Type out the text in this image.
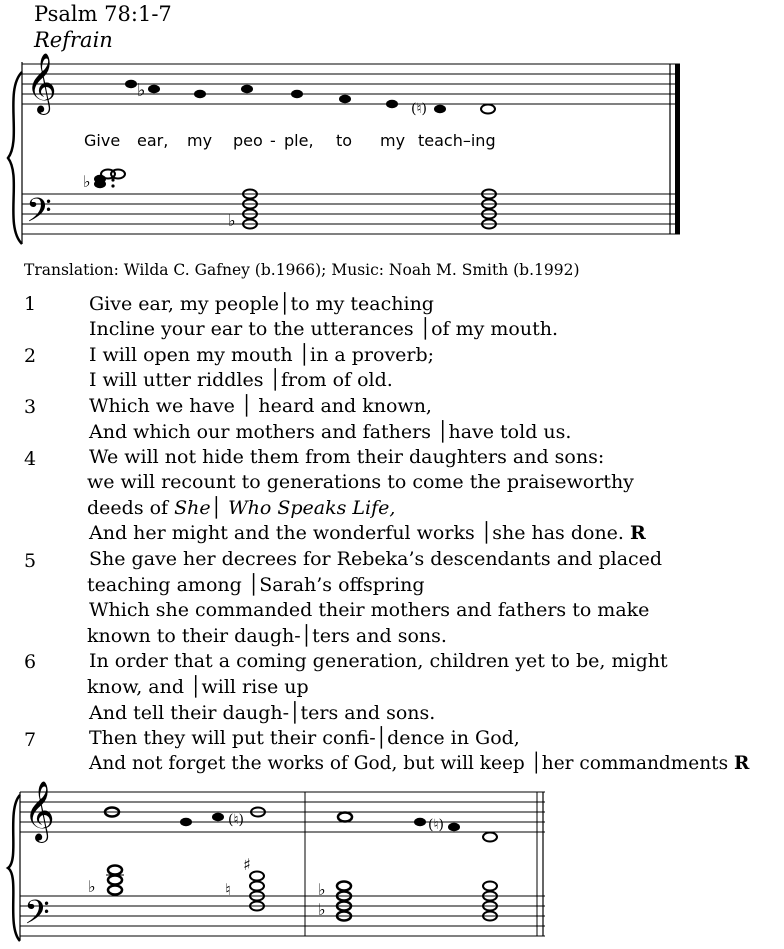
Psalm 78:1-7
Refrain
𝄞
𝄢
♭
(♮)
♭
♭
Give ear, my peo - ple, to my teach–ing
Translation: Wilda C. Gafney (b.1966); Music: Noah M. Smith (b.1992)
1	Give ear, my people│to my teaching
Incline your ear to the utterances │of my mouth.
2	I will open my mouth │in a proverb;
I will utter riddles │from of old.
3	Which we have │ heard and known,
And which our mothers and fathers │have told us.
4	We will not hide them from their daughters and sons:
we will recount to generations to come the praiseworthy
deeds of She│ Who Speaks Life,
And her might and the wonderful works │she has done. R
5	She gave her decrees for Rebeka’s descendants and placed
teaching among │Sarah’s offspring
Which she commanded their mothers and fathers to make
known to their daugh-│ters and sons.
6	In order that a coming generation, children yet to be, might
know, and │will rise up
And tell their daugh-│ters and sons.
7	Then they will put their confi-│dence in God,
And not forget the works of God, but will keep │her commandments R
𝄞
𝄢
(♮)	(♮)
♭
♯
♮	♭
♭
